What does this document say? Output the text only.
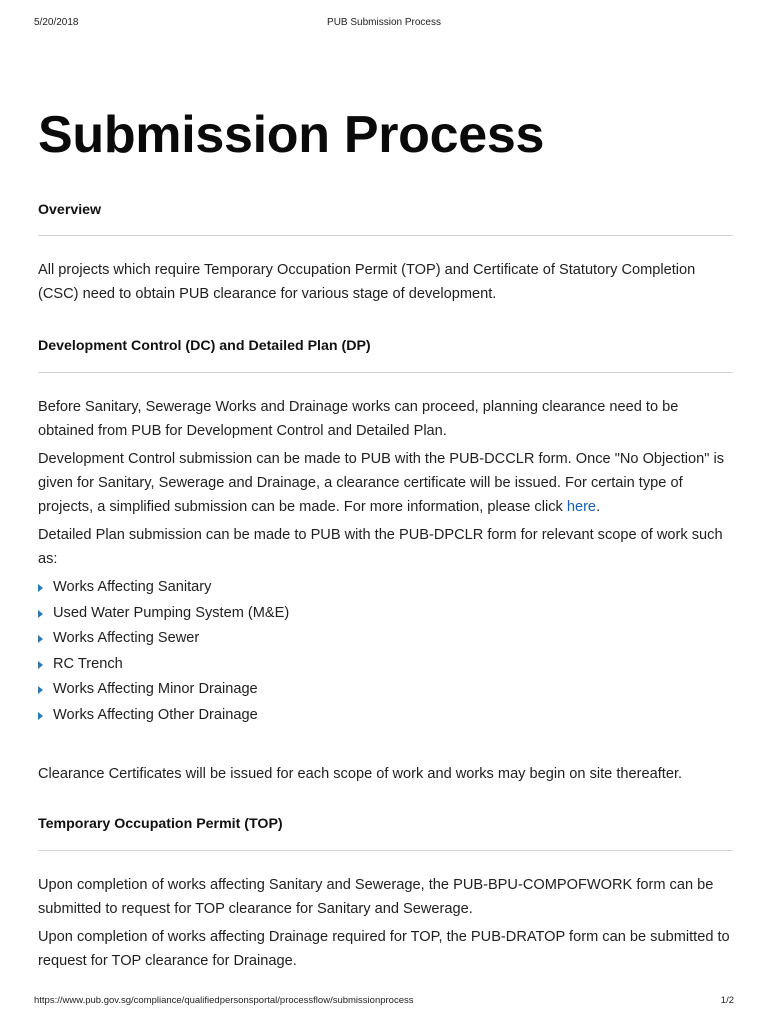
5/20/2018	PUB Submission Process
Submission Process
Overview

All projects which require Temporary Occupation Permit (TOP) and Certificate of Statutory Completion (CSC) need to obtain PUB clearance for various stage of development.

Development Control (DC) and Detailed Plan (DP)

Before Sanitary, Sewerage Works and Drainage works can proceed, planning clearance need to be obtained from PUB for Development Control and Detailed Plan.

Development Control submission can be made to PUB with the PUB-DCCLR form. Once "No Objection" is given for Sanitary, Sewerage and Drainage, a clearance certificate will be issued. For certain type of projects, a simplified submission can be made. For more information, please click here.

Detailed Plan submission can be made to PUB with the PUB-DPCLR form for relevant scope of work such as:

Works Affecting Sanitary
Used Water Pumping System (M&E)
Works Affecting Sewer
RC Trench
Works Affecting Minor Drainage
Works Affecting Other Drainage

Clearance Certificates will be issued for each scope of work and works may begin on site thereafter.

Temporary Occupation Permit (TOP)

Upon completion of works affecting Sanitary and Sewerage, the PUB-BPU-COMPOFWORK form can be submitted to request for TOP clearance for Sanitary and Sewerage.

Upon completion of works affecting Drainage required for TOP, the PUB-DRATOP form can be submitted to request for TOP clearance for Drainage.

https://www.pub.gov.sg/compliance/qualifiedpersonsportal/processflow/submissionprocess	1/2
